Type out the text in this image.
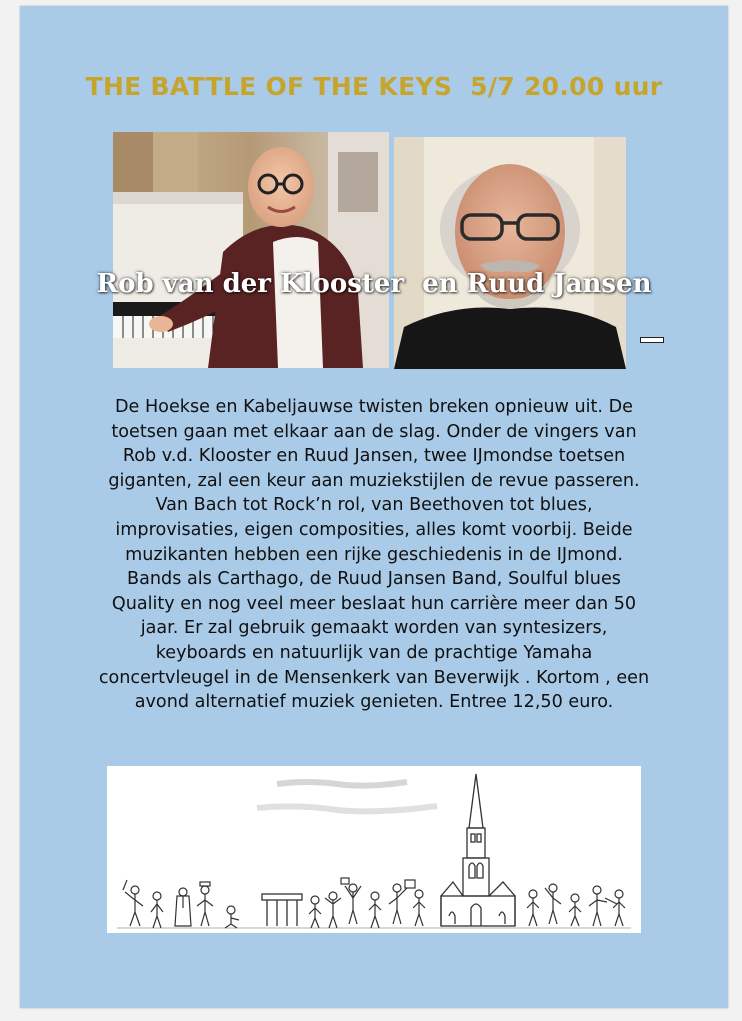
THE BATTLE OF THE KEYS  5/7 20.00 uur
Rob van der Klooster  en Ruud Jansen
De Hoekse en Kabeljauwse twisten breken opnieuw uit. De
toetsen gaan met elkaar aan de slag. Onder de vingers van
Rob v.d. Klooster en Ruud Jansen, twee IJmondse toetsen
giganten, zal een keur aan muziekstijlen de revue passeren.
Van Bach tot Rock’n rol, van Beethoven tot blues,
improvisaties, eigen composities, alles komt voorbij. Beide
muzikanten hebben een rijke geschiedenis in de IJmond.
Bands als Carthago, de Ruud Jansen Band, Soulful blues
Quality en nog veel meer beslaat hun carrière meer dan 50
jaar. Er zal gebruik gemaakt worden van syntesizers,
keyboards en natuurlijk van de prachtige Yamaha
concertvleugel in de Mensenkerk van Beverwijk . Kortom , een
avond alternatief muziek genieten. Entree 12,50 euro.
